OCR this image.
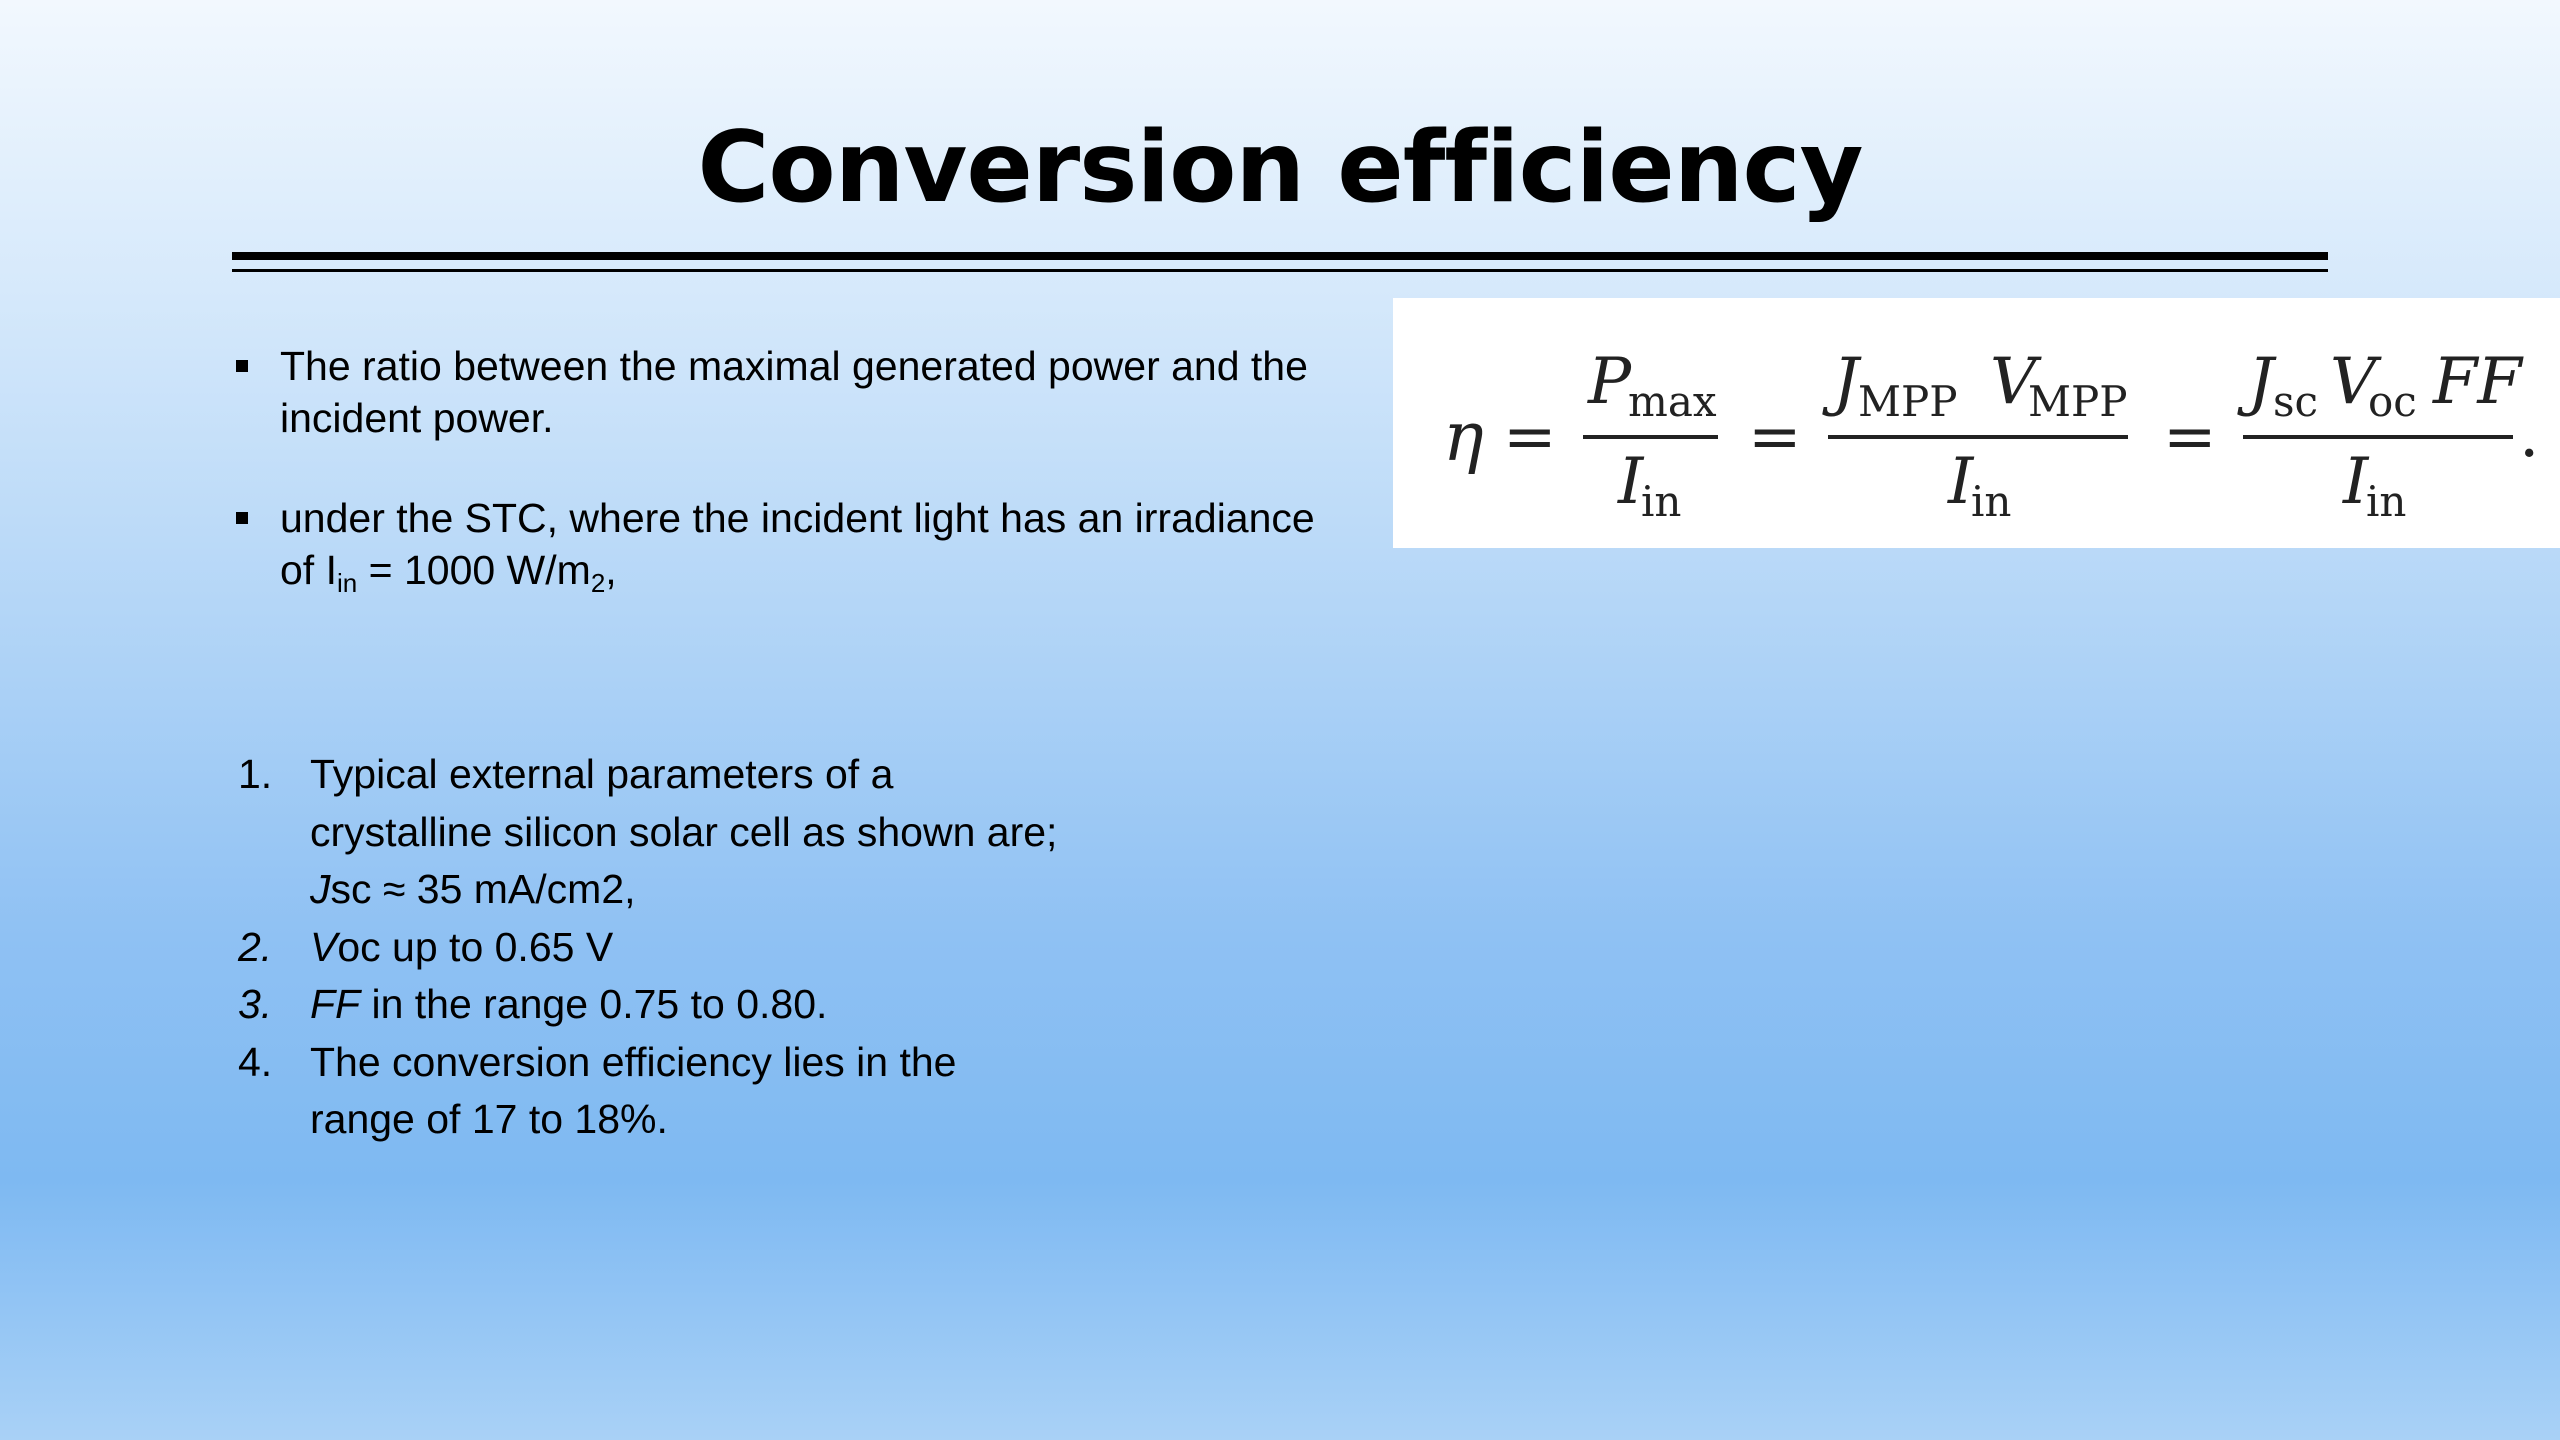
Conversion efficiency
The ratio between the maximal generated power and the incident power.
under the STC, where the incident light has an irradiance of $I_{in} = 1000$ $W/m_2$,
η =
P
max
I
in
=
J MPP V
MPP
I
in
=
J sc V
oc FF
I
in
.
1. Typical external parameters of a
crystalline silicon solar cell as shown are;
Jsc ≈ 35 mA/cm2,
2. Voc up to 0.65 V
3. FF in the range 0.75 to 0.80.
4. The conversion efficiency lies in the
range of 17 to 18%.
